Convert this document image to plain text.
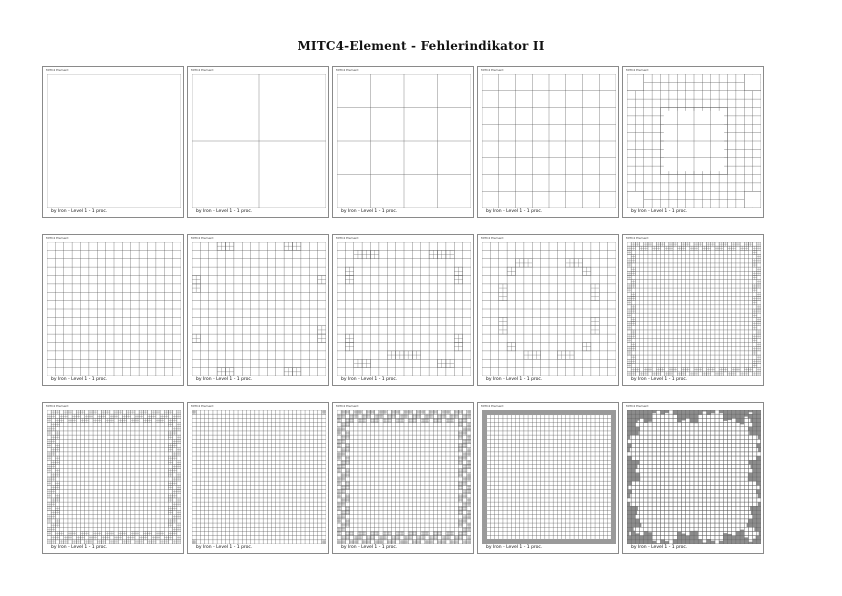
MITC4-Element - Fehlerindikator II
MITC4 Element
by Iron - Level 1 - 1 proc.
MITC4 Element
by Iron - Level 1 - 1 proc.
MITC4 Element
by Iron - Level 1 - 1 proc.
MITC4 Element
by Iron - Level 1 - 1 proc.
MITC4 Element
by Iron - Level 1 - 1 proc.
MITC4 Element
by Iron - Level 1 - 1 proc.
MITC4 Element
by Iron - Level 1 - 1 proc.
MITC4 Element
by Iron - Level 1 - 1 proc.
MITC4 Element
by Iron - Level 1 - 1 proc.
MITC4 Element
by Iron - Level 1 - 1 proc.
MITC4 Element
by Iron - Level 1 - 1 proc.
MITC4 Element
by Iron - Level 1 - 1 proc.
MITC4 Element
by Iron - Level 1 - 1 proc.
MITC4 Element
by Iron - Level 1 - 1 proc.
MITC4 Element
by Iron - Level 1 - 1 proc.
